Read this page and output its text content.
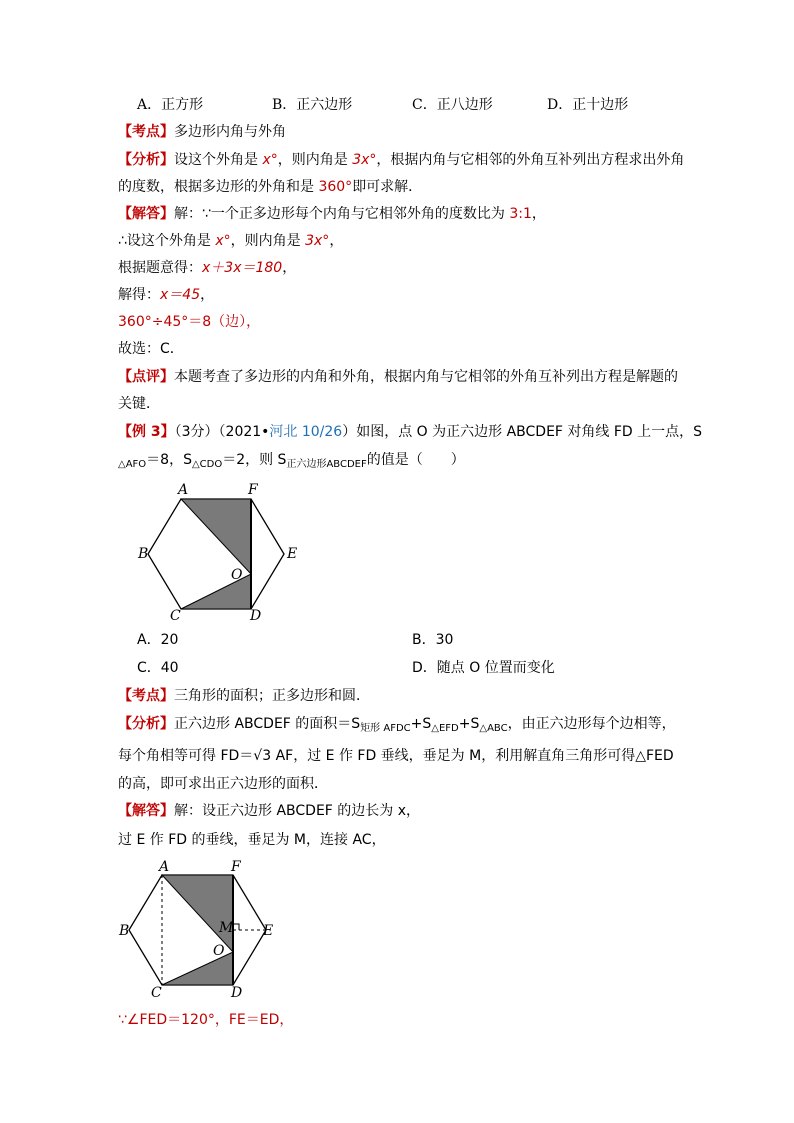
A．正方形	B．正六边形	C．正八边形	D．正十边形
【考点】多边形内角与外角
【分析】设这个外角是 x°，则内角是 3x°，根据内角与它相邻的外角互补列出方程求出外角
的度数，根据多边形的外角和是 360°即可求解．
【解答】解：∵一个正多边形每个内角与它相邻外角的度数比为 3:1，
∴设这个外角是 x°，则内角是 3x°，
根据题意得：x＋3x＝180，
解得：x＝45，
360°÷45°＝8（边），
故选：C．
【点评】本题考查了多边形的内角和外角，根据内角与它相邻的外角互补列出方程是解题的
关键．
【例 3】（3分）（2021•河北 10/26）如图，点 O 为正六边形 ABCDEF 对角线 FD 上一点，S
$_{\triangle AFO}$＝8，$S_{\triangle CDO}=2$，则 $S_{正六边形ABCDEF}$的值是（　　）
A	F
B	E
O
C	D
A．20	B．30
C．40	D．随点 O 位置而变化
【考点】三角形的面积；正多边形和圆．
【分析】正六边形 ABCDEF 的面积$=S_{矩形 AFDC}+S_{\triangle EFD}+S_{\triangle ABC}$，由正六边形每个边相等，
每个角相等可得 FD＝√3 AF，过 E 作 FD 垂线，垂足为 M，利用解直角三角形可得△FED
的高，即可求出正六边形的面积．
【解答】解：设正六边形 ABCDEF 的边长为 x，
过 E 作 FD 的垂线，垂足为 M，连接 AC，
A	F
B	E
M
O
C	D
∵∠FED＝120°，FE＝ED，
